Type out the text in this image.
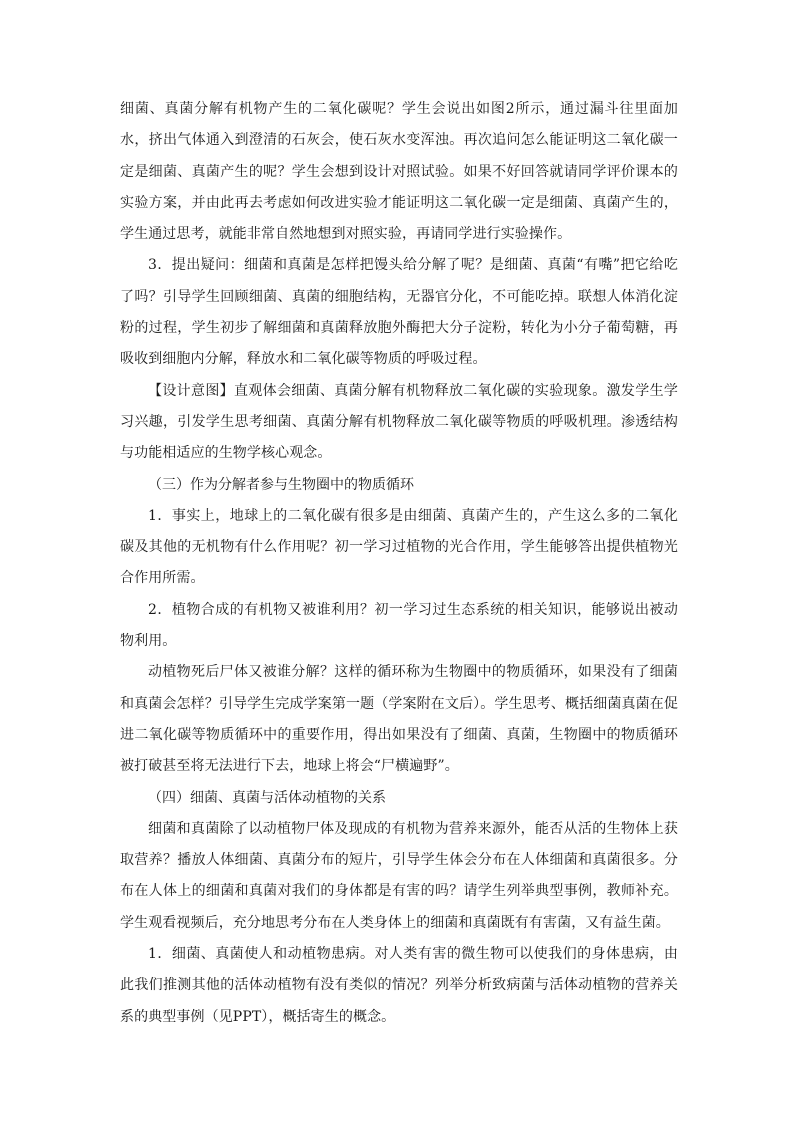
细菌、真菌分解有机物产生的二氧化碳呢？学生会说出如图2所示，通过漏斗往里面加水，挤出气体通入到澄清的石灰会，使石灰水变浑浊。再次追问怎么能证明这二氧化碳一定是细菌、真菌产生的呢？学生会想到设计对照试验。如果不好回答就请同学评价课本的实验方案，并由此再去考虑如何改进实验才能证明这二氧化碳一定是细菌、真菌产生的，学生通过思考，就能非常自然地想到对照实验，再请同学进行实验操作。

3．提出疑问：细菌和真菌是怎样把馒头给分解了呢？是细菌、真菌“有嘴”把它给吃了吗？引导学生回顾细菌、真菌的细胞结构，无器官分化，不可能吃掉。联想人体消化淀粉的过程，学生初步了解细菌和真菌释放胞外酶把大分子淀粉，转化为小分子葡萄糖，再吸收到细胞内分解，释放水和二氧化碳等物质的呼吸过程。

【设计意图】直观体会细菌、真菌分解有机物释放二氧化碳的实验现象。激发学生学习兴趣，引发学生思考细菌、真菌分解有机物释放二氧化碳等物质的呼吸机理。渗透结构与功能相适应的生物学核心观念。

（三）作为分解者参与生物圈中的物质循环

1．事实上，地球上的二氧化碳有很多是由细菌、真菌产生的，产生这么多的二氧化碳及其他的无机物有什么作用呢？初一学习过植物的光合作用，学生能够答出提供植物光合作用所需。

2．植物合成的有机物又被谁利用？初一学习过生态系统的相关知识，能够说出被动物利用。

动植物死后尸体又被谁分解？这样的循环称为生物圈中的物质循环，如果没有了细菌和真菌会怎样？引导学生完成学案第一题（学案附在文后）。学生思考、概括细菌真菌在促进二氧化碳等物质循环中的重要作用，得出如果没有了细菌、真菌，生物圈中的物质循环被打破甚至将无法进行下去，地球上将会“尸横遍野”。

（四）细菌、真菌与活体动植物的关系

细菌和真菌除了以动植物尸体及现成的有机物为营养来源外，能否从活的生物体上获取营养？播放人体细菌、真菌分布的短片，引导学生体会分布在人体细菌和真菌很多。分布在人体上的细菌和真菌对我们的身体都是有害的吗？请学生列举典型事例，教师补充。学生观看视频后，充分地思考分布在人类身体上的细菌和真菌既有有害菌，又有益生菌。

1．细菌、真菌使人和动植物患病。对人类有害的微生物可以使我们的身体患病，由此我们推测其他的活体动植物有没有类似的情况？列举分析致病菌与活体动植物的营养关系的典型事例（见PPT），概括寄生的概念。
